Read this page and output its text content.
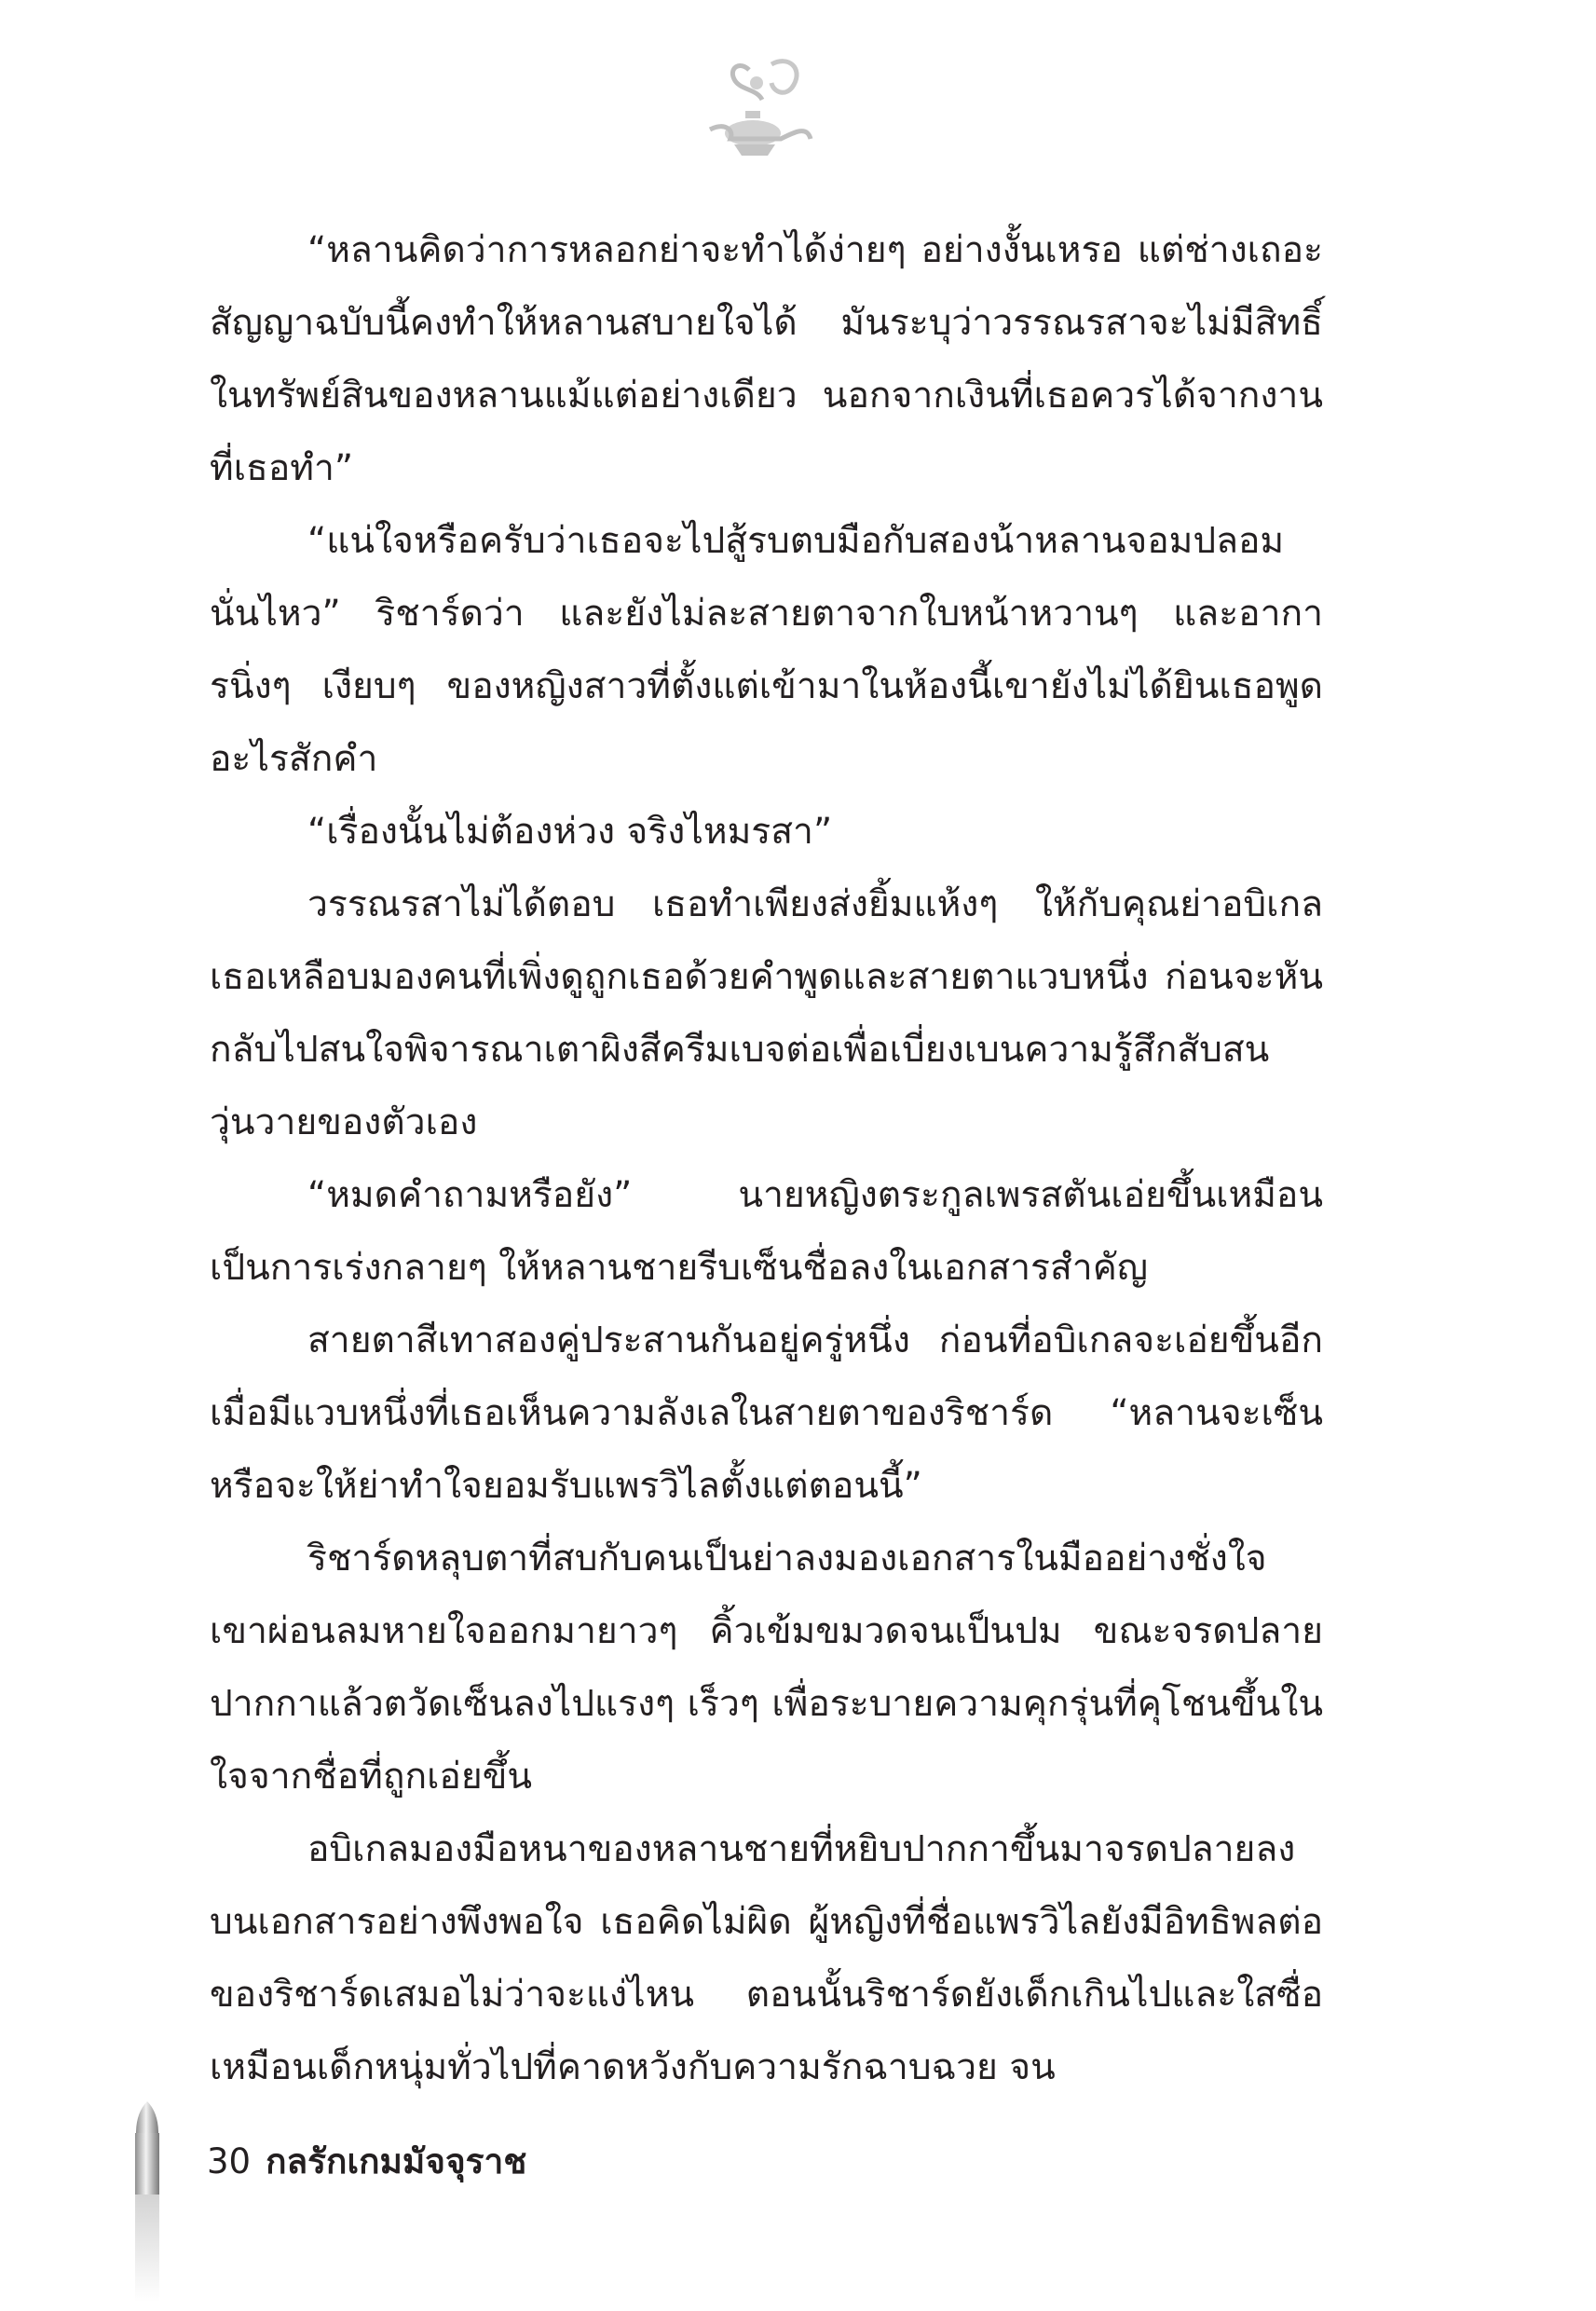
“หลานคิดว่าการหลอกย่าจะทำได้ง่ายๆ อย่างงั้นเหรอ แต่ช่างเถอะ สัญญาฉบับนี้คงทำให้หลานสบายใจได้ มันระบุว่าวรรณรสาจะไม่มีสิทธิ์ในทรัพย์สินของหลานแม้แต่อย่างเดียว นอกจากเงินที่เธอควรได้จากงานที่เธอทำ”

“แน่ใจหรือครับว่าเธอจะไปสู้รบตบมือกับสองน้าหลานจอมปลอมนั่นไหว” ริชาร์ดว่า และยังไม่ละสายตาจากใบหน้าหวานๆ และอาการนิ่งๆ เงียบๆ ของหญิงสาวที่ตั้งแต่เข้ามาในห้องนี้เขายังไม่ได้ยินเธอพูดอะไรสักคำ

“เรื่องนั้นไม่ต้องห่วง จริงไหมรสา”

วรรณรสาไม่ได้ตอบ เธอทำเพียงส่งยิ้มแห้งๆ ให้กับคุณย่าอบิเกล เธอเหลือบมองคนที่เพิ่งดูถูกเธอด้วยคำพูดและสายตาแวบหนึ่ง ก่อนจะหันกลับไปสนใจพิจารณาเตาผิงสีครีมเบจต่อเพื่อเบี่ยงเบนความรู้สึกสับสนวุ่นวายของตัวเอง

“หมดคำถามหรือยัง” นายหญิงตระกูลเพรสตันเอ่ยขึ้นเหมือนเป็นการเร่งกลายๆ ให้หลานชายรีบเซ็นชื่อลงในเอกสารสำคัญ

สายตาสีเทาสองคู่ประสานกันอยู่ครู่หนึ่ง ก่อนที่อบิเกลจะเอ่ยขึ้นอีก เมื่อมีแวบหนึ่งที่เธอเห็นความลังเลในสายตาของริชาร์ด “หลานจะเซ็นหรือจะให้ย่าทำใจยอมรับแพรวิไลตั้งแต่ตอนนี้”

ริชาร์ดหลุบตาที่สบกับคนเป็นย่าลงมองเอกสารในมืออย่างชั่งใจ เขาผ่อนลมหายใจออกมายาวๆ คิ้วเข้มขมวดจนเป็นปม ขณะจรดปลายปากกาแล้วตวัดเซ็นลงไปแรงๆ เร็วๆ เพื่อระบายความคุกรุ่นที่คุโชนขึ้นในใจจากชื่อที่ถูกเอ่ยขึ้น

อบิเกลมองมือหนาของหลานชายที่หยิบปากกาขึ้นมาจรดปลายลงบนเอกสารอย่างพึงพอใจ เธอคิดไม่ผิด ผู้หญิงที่ชื่อแพรวิไลยังมีอิทธิพลต่อของริชาร์ดเสมอไม่ว่าจะแง่ไหน ตอนนั้นริชาร์ดยังเด็กเกินไปและใสซื่อเหมือนเด็กหนุ่มทั่วไปที่คาดหวังกับความรักฉาบฉวย จน

30 กลรักเกมมัจจุราช
